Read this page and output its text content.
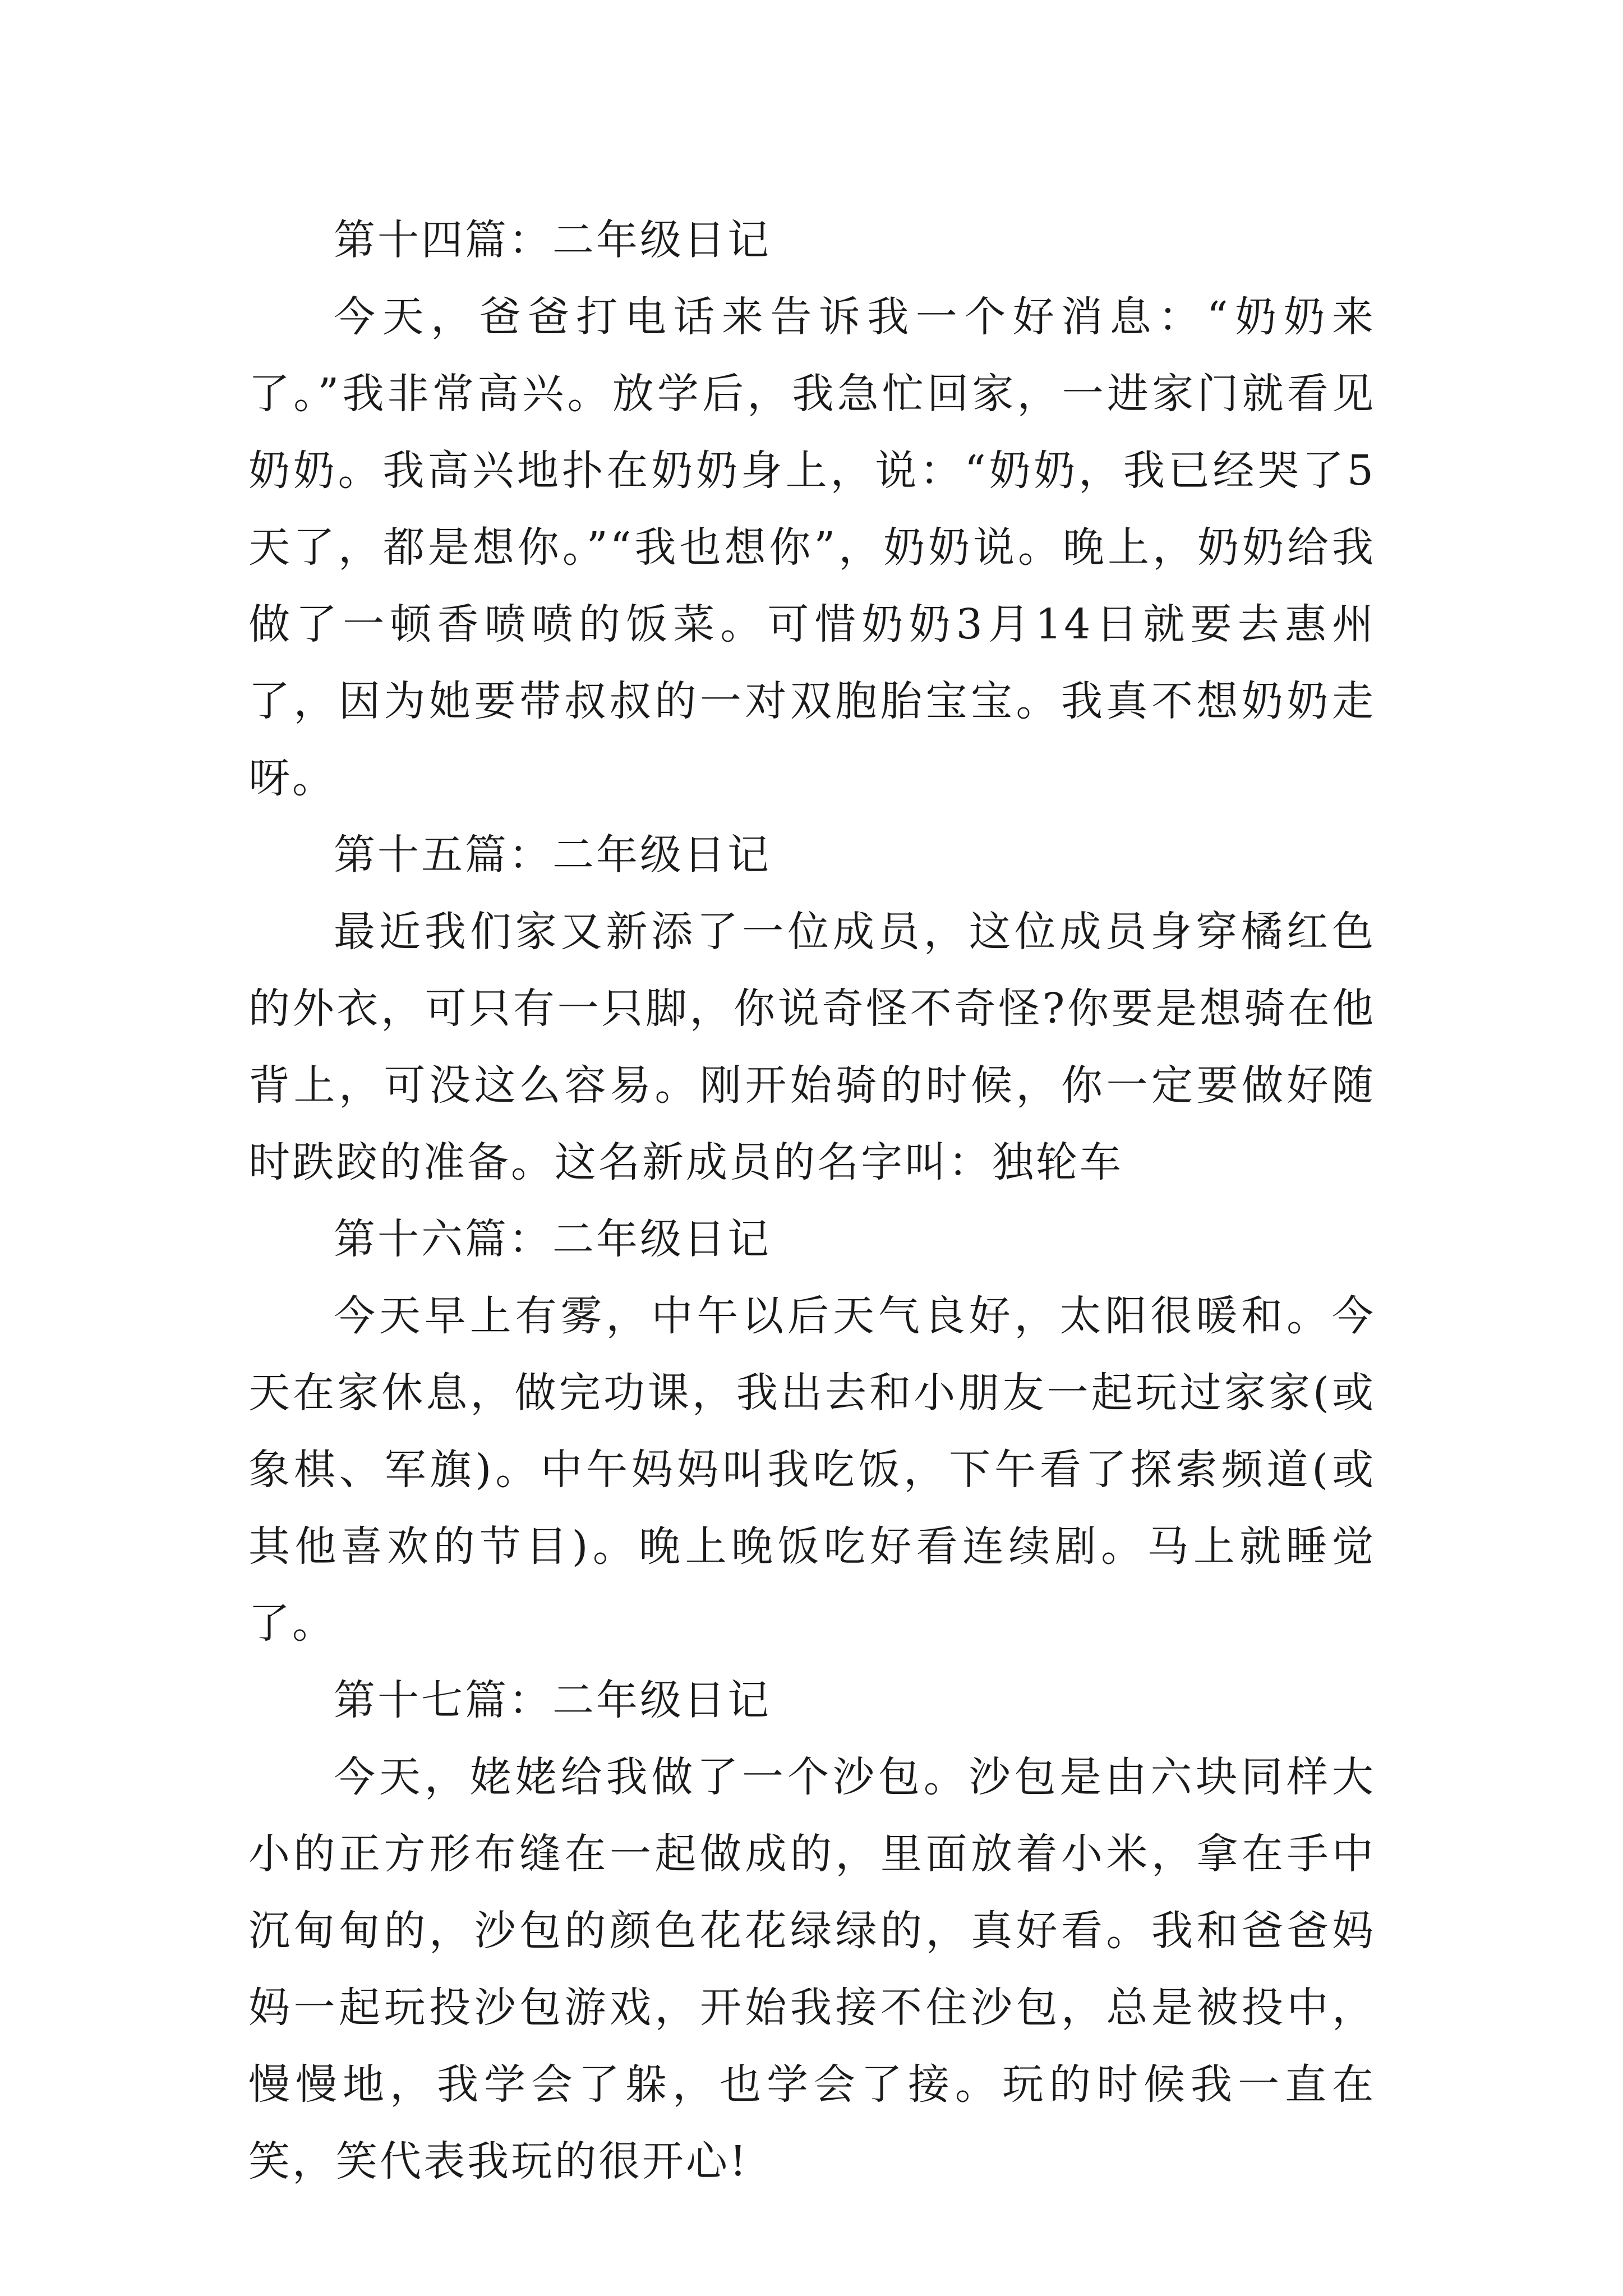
第十四篇：二年级日记

今天，爸爸打电话来告诉我一个好消息：“奶奶来了。”我非常高兴。放学后，我急忙回家，一进家门就看见奶奶。我高兴地扑在奶奶身上，说：“奶奶，我已经哭了5天了，都是想你。”“我也想你”，奶奶说。晚上，奶奶给我做了一顿香喷喷的饭菜。可惜奶奶3月14日就要去惠州了，因为她要带叔叔的一对双胞胎宝宝。我真不想奶奶走呀。

第十五篇：二年级日记

最近我们家又新添了一位成员，这位成员身穿橘红色的外衣，可只有一只脚，你说奇怪不奇怪?你要是想骑在他背上，可没这么容易。刚开始骑的时候，你一定要做好随时跌跤的准备。这名新成员的名字叫：独轮车

第十六篇：二年级日记

今天早上有雾，中午以后天气良好，太阳很暖和。今天在家休息，做完功课，我出去和小朋友一起玩过家家(或象棋、军旗)。中午妈妈叫我吃饭，下午看了探索频道(或其他喜欢的节目)。晚上晚饭吃好看连续剧。马上就睡觉了。

第十七篇：二年级日记

今天，姥姥给我做了一个沙包。沙包是由六块同样大小的正方形布缝在一起做成的，里面放着小米，拿在手中沉甸甸的，沙包的颜色花花绿绿的，真好看。我和爸爸妈妈一起玩投沙包游戏，开始我接不住沙包，总是被投中，慢慢地，我学会了躲，也学会了接。玩的时候我一直在笑，笑代表我玩的很开心!
